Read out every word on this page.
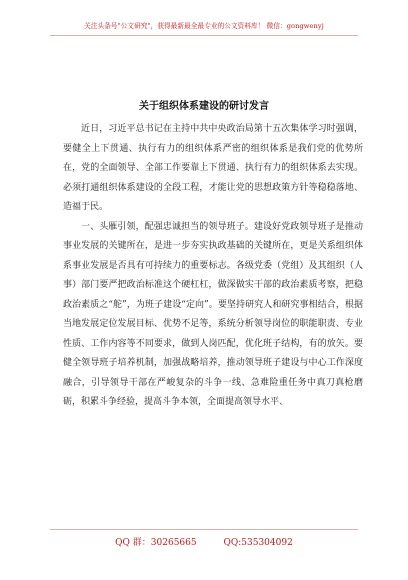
关注头条号"公文研究"，获得最新最全最专业的公文资料库！ 微信：gongwenyj
关于组织体系建设的研讨发言

近日，习近平总书记在主持中共中央政治局第十五次集体学习时强调，要健全上下贯通、执行有力的组织体系严密的组织体系是我们党的优势所在，党的全面领导、全部工作要靠上下贯通、执行有力的组织体系去实现。必须打通组织体系建设的全段工程，才能让党的思想政策方针等稳稳落地、造福于民。

一、头雁引领，配强忠诚担当的领导班子。建设好党政领导班子是推动事业发展的关键所在，是进一步夯实执政基础的关键所在，更是关系组织体系事业发展是否具有可持续力的重要标志。各级党委（党组）及其组织（人事）部门要严把政治标准这个硬杠杠，做深做实干部的政治素质考察，把稳政治素质之“舵”，为班子建设“定向”。要坚持研究人和研究事相结合，根据当地发展定位发展目标、优势不足等，系统分析领导岗位的职能职责、专业性质、工作内容等不同要求，做到人岗匹配，优化班子结构，有的放矢。要健全领导班子培养机制，加强战略培养，推动领导班子建设与中心工作深度融合，引导领导干部在严峻复杂的斗争一线、急难险重任务中真刀真枪磨砺，积累斗争经验，提高斗争本领，全面提高领导水平、

QQ 群：30265665	QQ:535304092
